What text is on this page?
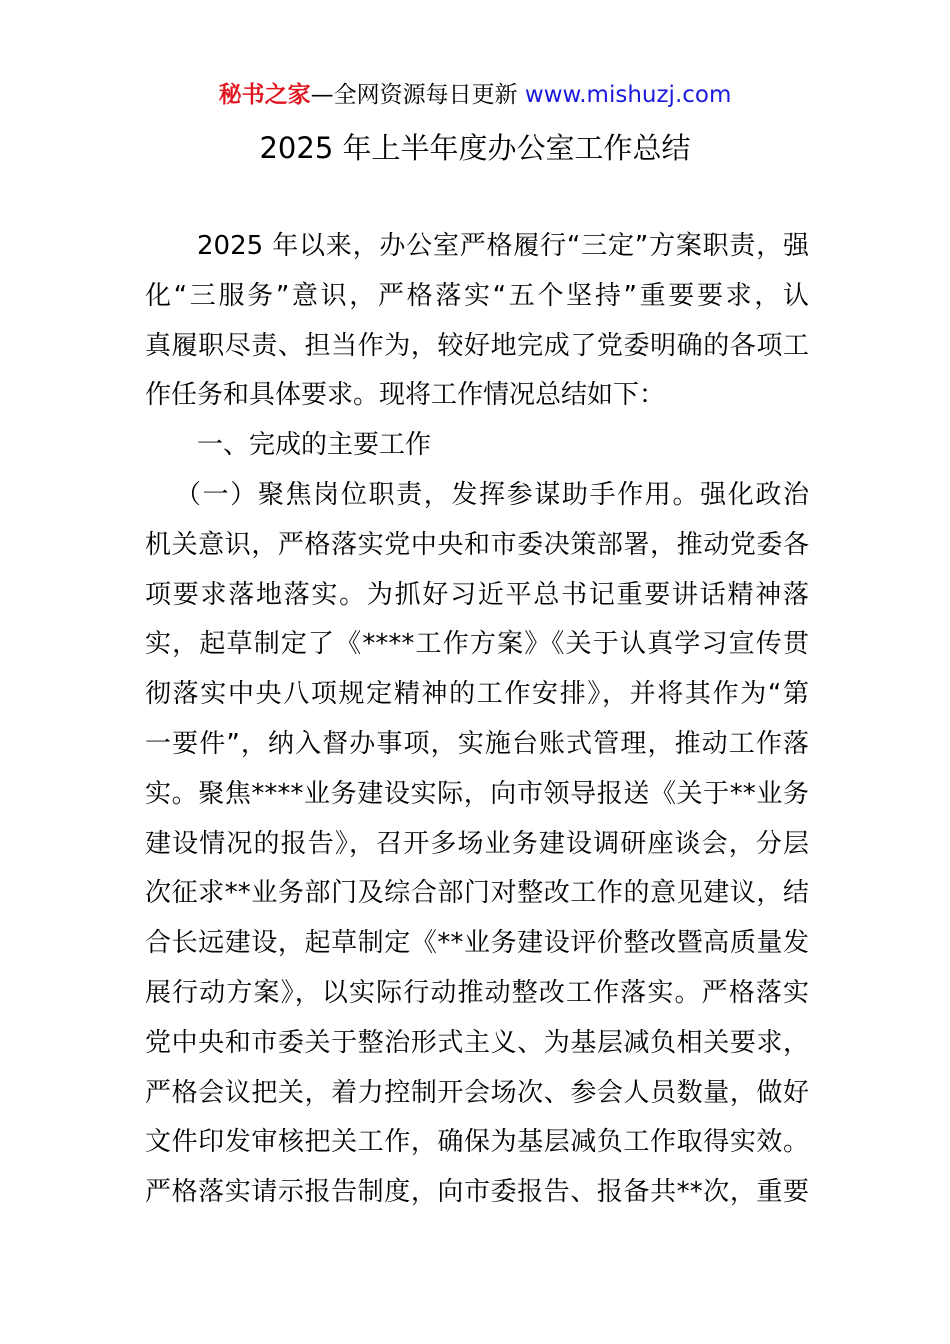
秘书之家—全网资源每日更新 www.mishuzj.com
2025 年上半年度办公室工作总结
2025 年以来，办公室严格履行“三定”方案职责，强
化“三服务”意识，严格落实“五个坚持”重要要求，认
真履职尽责、担当作为，较好地完成了党委明确的各项工
作任务和具体要求。现将工作情况总结如下：
一、完成的主要工作
（一）聚焦岗位职责，发挥参谋助手作用。强化政治
机关意识，严格落实党中央和市委决策部署，推动党委各
项要求落地落实。为抓好习近平总书记重要讲话精神落
实，起草制定了《****工作方案》《关于认真学习宣传贯
彻落实中央八项规定精神的工作安排》，并将其作为“第
一要件”，纳入督办事项，实施台账式管理，推动工作落
实。聚焦****业务建设实际，向市领导报送《关于**业务
建设情况的报告》，召开多场业务建设调研座谈会，分层
次征求**业务部门及综合部门对整改工作的意见建议，结
合长远建设，起草制定《**业务建设评价整改暨高质量发
展行动方案》，以实际行动推动整改工作落实。严格落实
党中央和市委关于整治形式主义、为基层减负相关要求，
严格会议把关，着力控制开会场次、参会人员数量，做好
文件印发审核把关工作，确保为基层减负工作取得实效。
严格落实请示报告制度，向市委报告、报备共**次，重要
